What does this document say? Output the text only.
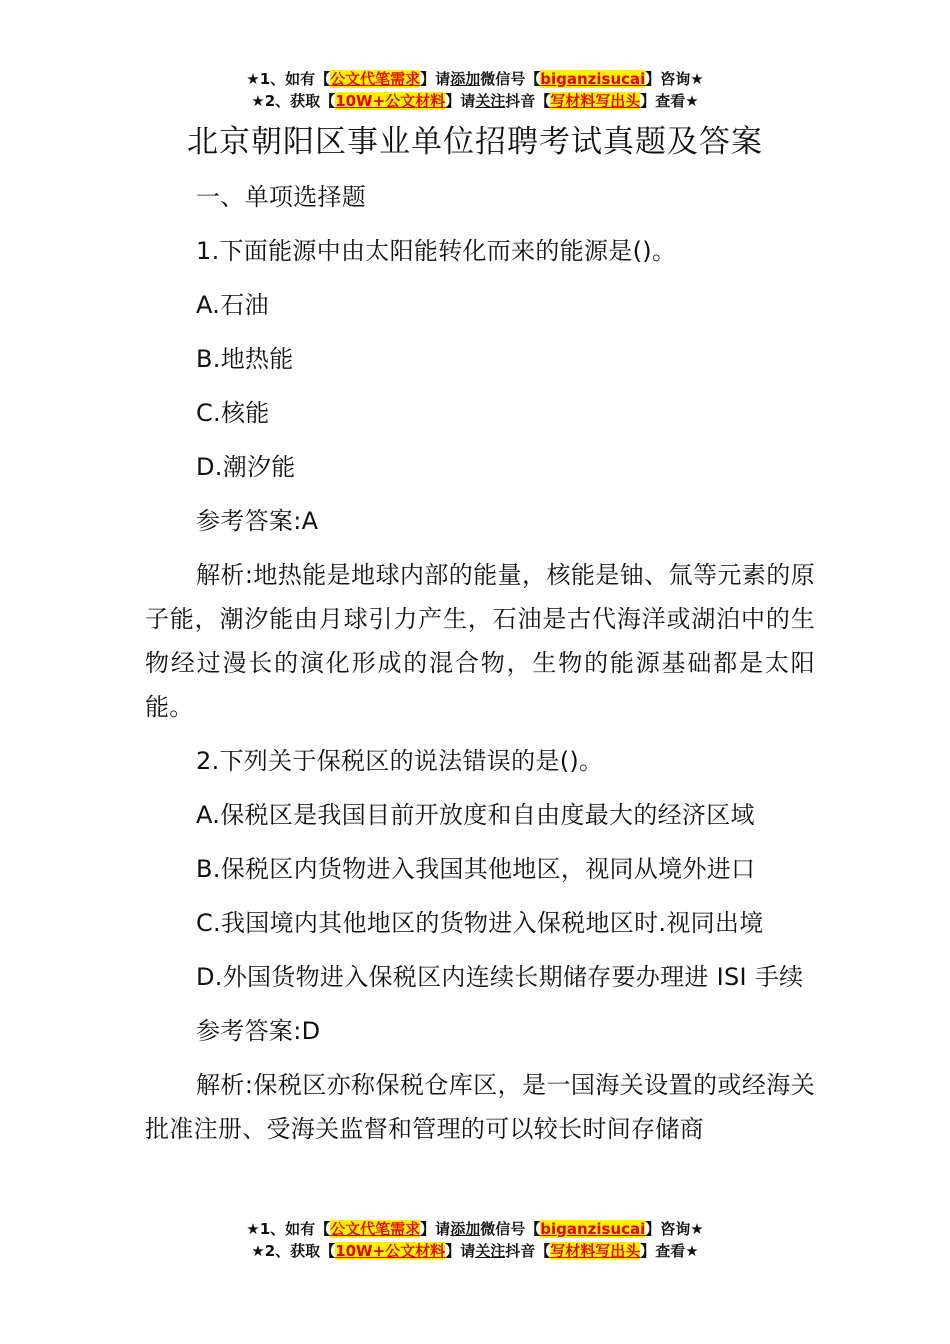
★1、如有【公文代笔需求】请添加微信号【biganzisucai】咨询★
★2、获取【10W+公文材料】请关注抖音【写材料写出头】查看★
北京朝阳区事业单位招聘考试真题及答案

一、单项选择题

1.下面能源中由太阳能转化而来的能源是()。

A.石油

B.地热能

C.核能

D.潮汐能

参考答案:A

解析:地热能是地球内部的能量，核能是铀、氚等元素的原子能，潮汐能由月球引力产生，石油是古代海洋或湖泊中的生物经过漫长的演化形成的混合物，生物的能源基础都是太阳能。

2.下列关于保税区的说法错误的是()。

A.保税区是我国目前开放度和自由度最大的经济区域

B.保税区内货物进入我国其他地区，视同从境外进口

C.我国境内其他地区的货物进入保税地区时.视同出境

D.外国货物进入保税区内连续长期储存要办理进 ISI 手续

参考答案:D

解析:保税区亦称保税仓库区，是一国海关设置的或经海关批准注册、受海关监督和管理的可以较长时间存储商

★1、如有【公文代笔需求】请添加微信号【biganzisucai】咨询★
★2、获取【10W+公文材料】请关注抖音【写材料写出头】查看★
